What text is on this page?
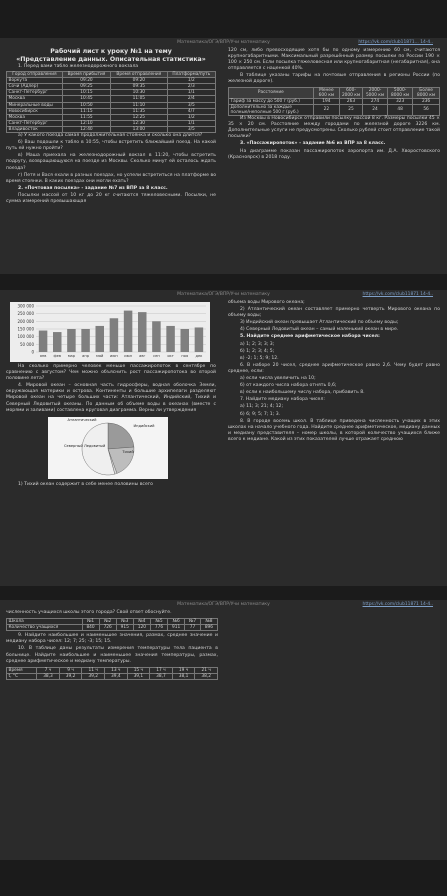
Математика/ОГЭ/ВПР/Учи математику	https://vk.com/club11871... 14-4..
Рабочий лист к уроку №1 на тему
«Представление данных. Описательная статистика»

1. Перед вами табло железнодорожного вокзала

Город отправления	Время прибытия	Время отправления	Платформа/путь
Воркута	09:20	09:20	1/2
Сочи (Адлер)	09:25	09:35	2/3
Санкт-Петербург	10:15	10:30	1/1
Москва	10:45	11:05	2/4
Минеральные воды	10:50	11:10	3/5
Новосибирск	11:15	11:35	4/7
Москва	11:55	12:25	1/2
Санкт-Петербург	12:10	12:30	1/1
Владивосток	12:40	13:00	3/5

а) У какого поезда самая продолжительная стоянка и сколько она длится?

б) Ваш подошли к табло в 10:55, чтобы встретить ближайший поезд. На какой путь ей нужно пройти?

в) Маша приехала на железнодорожный вокзал в 11:20, чтобы встретить подругу, возвращающуюся на поезде из Москвы. Сколько минут ей осталось ждать поезда?

г) Петя и Вася ехали в разных поездах, но успели встретиться на платформе во время стоянки. В каких поездах они могли ехать?

2. «Почтовая посылка» - задание №7 из ВПР за 8 класс.

Посылки массой от 10 кг до 20 кг считаются тяжеловесными. Посылки, не сумма измерений превышающая

120 см, либо превосходящие хотя бы по одному измерению 60 см, считаются крупногабаритными. Максимальный разрешённый размер посылки по России 190 × 100 × 250 см. Если посылка тяжеловесная или крупногабаритная (негабаритная), она отправляется с наценкой 40%.

В таблице указаны тарифы на почтовые отправления в регионы России (по железной дороге).

Расстояние	Менее 600 км	600-2000 км	2000-5000 км	5000-8000 км	Более 8000 км
Тариф за массу до 500 г (руб.)	194	263	274	323	236
Дополнительно за каждые полные/неполные 500 г (руб.)	22	25	24	48	56

Из Москвы в Новосибирск отправили посылку массой 8 кг. Размеры посылки 45 × 35 × 20 см. Расстояние между городами по железной дороге 3226 км. Дополнительные услуги не предусмотрены. Сколько рублей стоит отправление такой посылки?

3. «Пассажиропоток» - задание №6 из ВПР за 8 класс.

На диаграмме показан пассажиропоток аэропорта им. Д.А. Хворостовского (Красноярск) в 2018 году.

Математика/ОГЭ/ВПР/Учи математику	https://vk.com/club11871 14-4..
300 000
250 000
200 000
150 000
100 000
50 000
0
янв фев мар апр май июн июл авг сен окт ноя дек

На сколько примерно человек меньше пассажиропоток в сентябре по сравнению с августом? Чем можно объяснить рост пассажиропотока во второй половине лета?

4. Мировой океан – основная часть гидросферы, водная оболочка Земли, окружающая материки и острова. Континенты и большие архипелаги разделяют Мировой океан на четыре больших части: Атлантический, Индийский, Тихий и Северный Ледовитый океаны. По данным об объеме воды в океанах (вместе с морями и заливами) составлена круговая диаграмма. Верны ли утверждения

Атлантический
Индийский
Северный Ледовитый
Тихий

1) Тихий океан содержит в себе менее половины всего

объема воды Мирового океана;

2) Атлантический океан составляет примерно четверть Мирового океана по объему воды;

3) Индийский океан превышает Атлантический по объему воды;

4) Северный Ледовитый океан – самый маленький океан в мире.

5. Найдите среднее арифметическое набора чисел:

а) 1; 2; 3; 3; 3;

б) 1; 2; 3; 4; 5;

в) -2; 1; 5; 9; 12.

6. В наборе 20 чисел, среднее арифметическое равно 2,6. Чему будет равно среднее, если:

а) если числа увеличить на 10;

б) от каждого числа набора отнять 0,6;

в) если к наибольшему числу набора, прибавить 8.

7. Найдите медиану набора чисел:

а) 11; 3; 21; 4; 12;

б) 6; 9; 5; 7; 1; 3.

8. В городе восемь школ. В таблице приведена численность учащих в этих школах на начало учебного года. Найдите среднее арифметическое, медиану данных и медиану представителя – номер школы, в которой количество учащихся ближе всего к медиане. Какой из этих показателей лучше отражает среднюю

Математика/ОГЭ/ВПР/Учи математику	https://vk.com/club11871 14-4..

численность учащихся школы этого города? Свой ответ обоснуйте.

Школа	№1	№2	№3	№4	№5	№6	№7	№8
Количество учащихся	840	726	915	120	776	911	77	896

9. Найдите наибольшее и наименьшее значения, размах, среднее значение и медиану набора чисел: 12; 7; 25; -3; 15; 15.

10. В таблице даны результаты измерения температуры тела пациента в больнице. Найдите наибольшее и наименьшее значения температуры, размах, среднее арифметическое и медиану температуры.

Время	7 ч	9 ч	11 ч	13 ч	15 ч	17 ч	19 ч	21 ч
t, °C	38,3	39,2	39,2	39,4	39,1	38,7	38,1	38,2
